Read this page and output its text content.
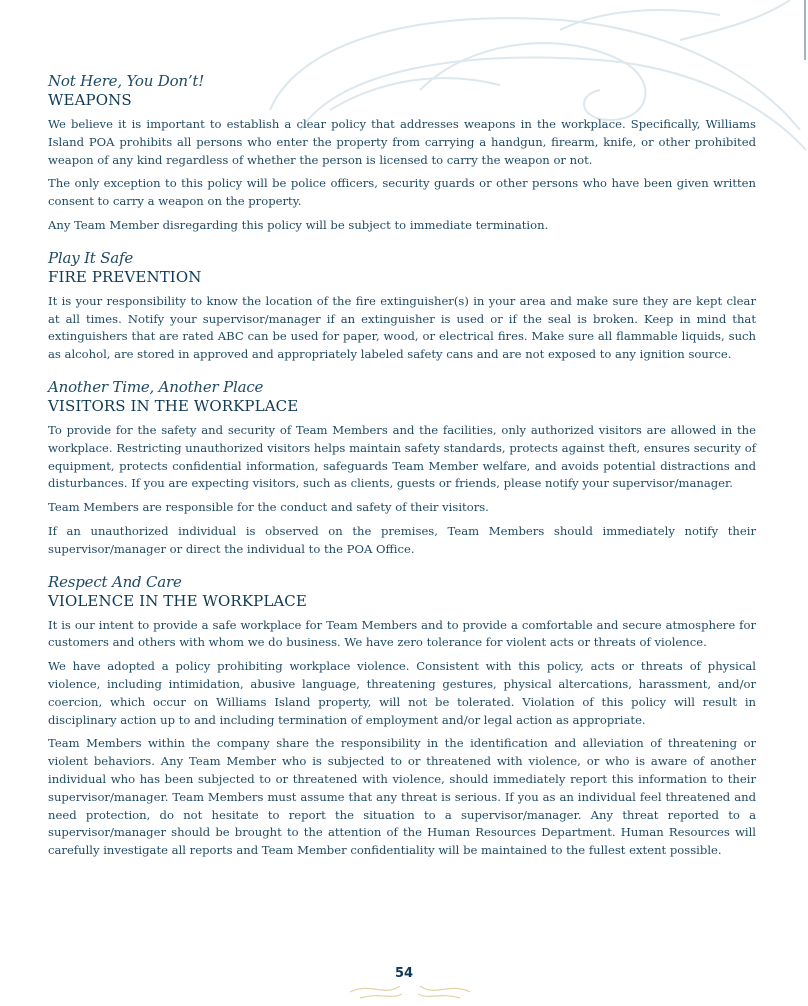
Not Here, You Don’t!
WEAPONS

We believe it is important to establish a clear policy that addresses weapons in the workplace. Specifically, Williams Island POA prohibits all persons who enter the property from carrying a handgun, firearm, knife, or other prohibited weapon of any kind regardless of whether the person is licensed to carry the weapon or not.

The only exception to this policy will be police officers, security guards or other persons who have been given written consent to carry a weapon on the property.

Any Team Member disregarding this policy will be subject to immediate termination.

Play It Safe
FIRE PREVENTION

It is your responsibility to know the location of the fire extinguisher(s) in your area and make sure they are kept clear at all times. Notify your supervisor/manager if an extinguisher is used or if the seal is broken. Keep in mind that extinguishers that are rated ABC can be used for paper, wood, or electrical fires. Make sure all flammable liquids, such as alcohol, are stored in approved and appropriately labeled safety cans and are not exposed to any ignition source.

Another Time, Another Place
VISITORS IN THE WORKPLACE

To provide for the safety and security of Team Members and the facilities, only authorized visitors are allowed in the workplace. Restricting unauthorized visitors helps maintain safety standards, protects against theft, ensures security of equipment, protects confidential information, safeguards Team Member welfare, and avoids potential distractions and disturbances. If you are expecting visitors, such as clients, guests or friends, please notify your supervisor/manager.

Team Members are responsible for the conduct and safety of their visitors.

If an unauthorized individual is observed on the premises, Team Members should immediately notify their supervisor/manager or direct the individual to the POA Office.

Respect And Care
VIOLENCE IN THE WORKPLACE

It is our intent to provide a safe workplace for Team Members and to provide a comfortable and secure atmosphere for customers and others with whom we do business. We have zero tolerance for violent acts or threats of violence.

We have adopted a policy prohibiting workplace violence. Consistent with this policy, acts or threats of physical violence, including intimidation, abusive language, threatening gestures, physical altercations, harassment, and/or coercion, which occur on Williams Island property, will not be tolerated. Violation of this policy will result in disciplinary action up to and including termination of employment and/or legal action as appropriate.

Team Members within the company share the responsibility in the identification and alleviation of threatening or violent behaviors. Any Team Member who is subjected to or threatened with violence, or who is aware of another individual who has been subjected to or threatened with violence, should immediately report this information to their supervisor/manager. Team Members must assume that any threat is serious. If you as an individual feel threatened and need protection, do not hesitate to report the situation to a supervisor/manager. Any threat reported to a supervisor/manager should be brought to the attention of the Human Resources Department. Human Resources will carefully investigate all reports and Team Member confidentiality will be maintained to the fullest extent possible.

54
